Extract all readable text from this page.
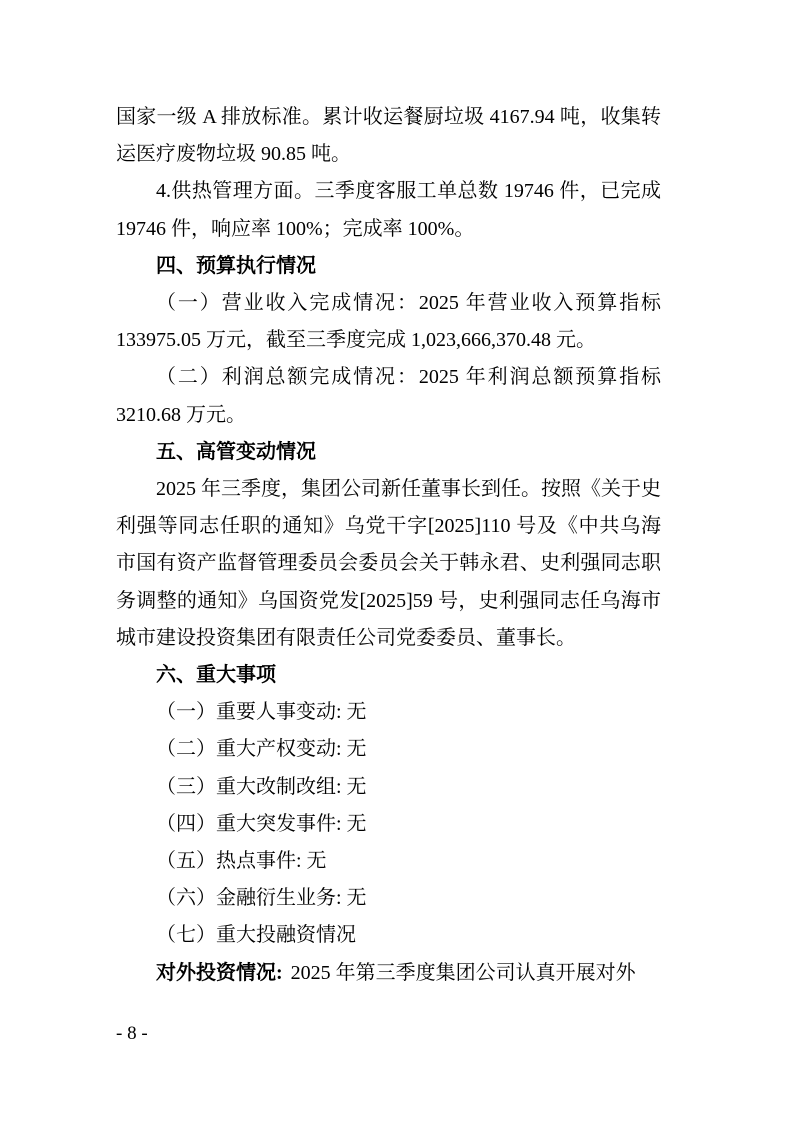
国家一级 A 排放标准。累计收运餐厨垃圾 4167.94 吨，收集转运医疗废物垃圾 90.85 吨。

4.供热管理方面。三季度客服工单总数 19746 件，已完成 19746 件，响应率 100%；完成率 100%。

四、预算执行情况

（一）营业收入完成情况：2025 年营业收入预算指标 133975.05 万元，截至三季度完成 1,023,666,370.48 元。

（二）利润总额完成情况：2025 年利润总额预算指标 3210.68 万元。

五、高管变动情况

2025 年三季度，集团公司新任董事长到任。按照《关于史利强等同志任职的通知》乌党干字[2025]110 号及《中共乌海市国有资产监督管理委员会委员会关于韩永君、史利强同志职务调整的通知》乌国资党发[2025]59 号，史利强同志任乌海市城市建设投资集团有限责任公司党委委员、董事长。

六、重大事项

（一）重要人事变动: 无

（二）重大产权变动: 无

（三）重大改制改组: 无

（四）重大突发事件: 无

（五）热点事件: 无

（六）金融衍生业务: 无

（七）重大投融资情况

对外投资情况: 2025 年第三季度集团公司认真开展对外

- 8 -
